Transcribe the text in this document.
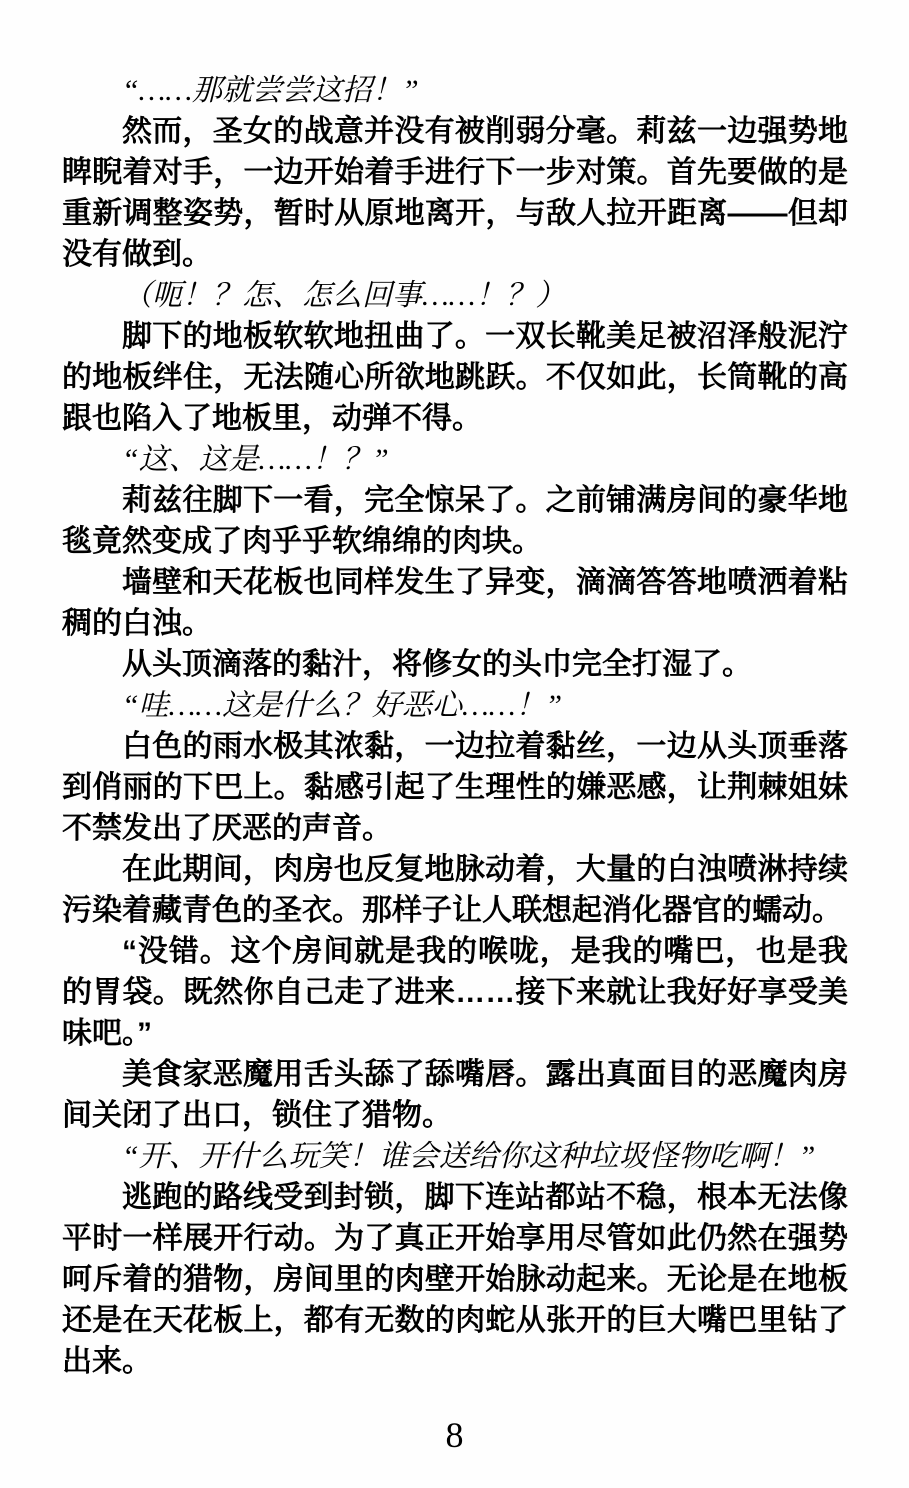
“……那就尝尝这招！”

然而，圣女的战意并没有被削弱分毫。莉兹一边强势地睥睨着对手，一边开始着手进行下一步对策。首先要做的是重新调整姿势，暂时从原地离开，与敌人拉开距离——但却没有做到。

（呃！？怎、怎么回事……！？）

脚下的地板软软地扭曲了。一双长靴美足被沼泽般泥泞的地板绊住，无法随心所欲地跳跃。不仅如此，长筒靴的高跟也陷入了地板里，动弹不得。

“这、这是……！？”

莉兹往脚下一看，完全惊呆了。之前铺满房间的豪华地毯竟然变成了肉乎乎软绵绵的肉块。

墙壁和天花板也同样发生了异变，滴滴答答地喷洒着粘稠的白浊。

从头顶滴落的黏汁，将修女的头巾完全打湿了。

“哇……这是什么？好恶心……！”

白色的雨水极其浓黏，一边拉着黏丝，一边从头顶垂落到俏丽的下巴上。黏感引起了生理性的嫌恶感，让荆棘姐妹不禁发出了厌恶的声音。

在此期间，肉房也反复地脉动着，大量的白浊喷淋持续污染着藏青色的圣衣。那样子让人联想起消化器官的蠕动。

“没错。这个房间就是我的喉咙，是我的嘴巴，也是我的胃袋。既然你自己走了进来……接下来就让我好好享受美味吧。”

美食家恶魔用舌头舔了舔嘴唇。露出真面目的恶魔肉房间关闭了出口，锁住了猎物。

“开、开什么玩笑！谁会送给你这种垃圾怪物吃啊！”

逃跑的路线受到封锁，脚下连站都站不稳，根本无法像平时一样展开行动。为了真正开始享用尽管如此仍然在强势呵斥着的猎物，房间里的肉壁开始脉动起来。无论是在地板还是在天花板上，都有无数的肉蛇从张开的巨大嘴巴里钻了出来。

8
